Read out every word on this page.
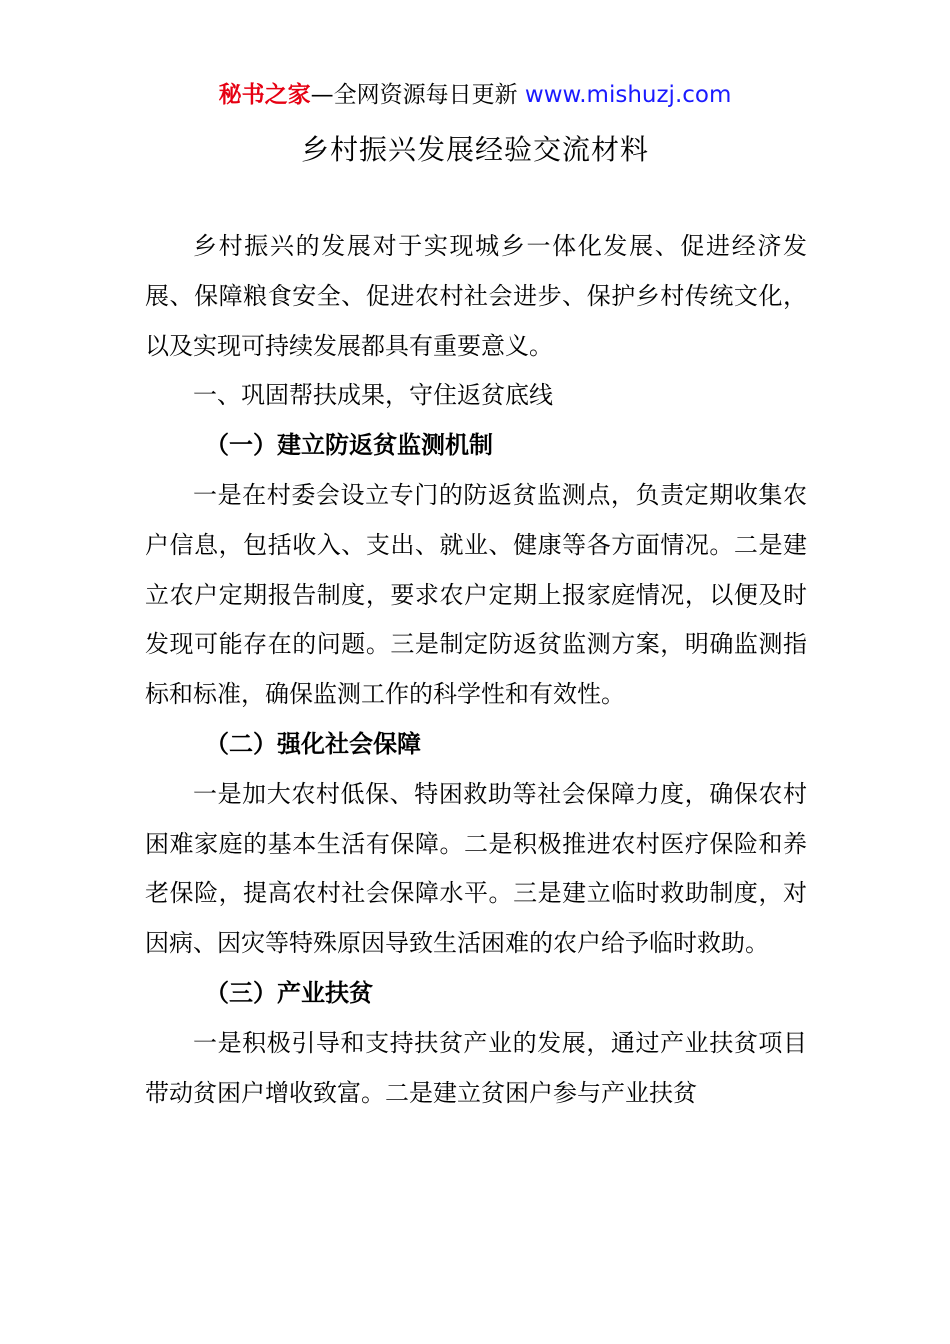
秘书之家—全网资源每日更新 www.mishuzj.com
乡村振兴发展经验交流材料

乡村振兴的发展对于实现城乡一体化发展、促进经济发展、保障粮食安全、促进农村社会进步、保护乡村传统文化，以及实现可持续发展都具有重要意义。

一、巩固帮扶成果，守住返贫底线

（一）建立防返贫监测机制

一是在村委会设立专门的防返贫监测点，负责定期收集农户信息，包括收入、支出、就业、健康等各方面情况。二是建立农户定期报告制度，要求农户定期上报家庭情况，以便及时发现可能存在的问题。三是制定防返贫监测方案，明确监测指标和标准，确保监测工作的科学性和有效性。

（二）强化社会保障

一是加大农村低保、特困救助等社会保障力度，确保农村困难家庭的基本生活有保障。二是积极推进农村医疗保险和养老保险，提高农村社会保障水平。三是建立临时救助制度，对因病、因灾等特殊原因导致生活困难的农户给予临时救助。

（三）产业扶贫

一是积极引导和支持扶贫产业的发展，通过产业扶贫项目带动贫困户增收致富。二是建立贫困户参与产业扶贫
